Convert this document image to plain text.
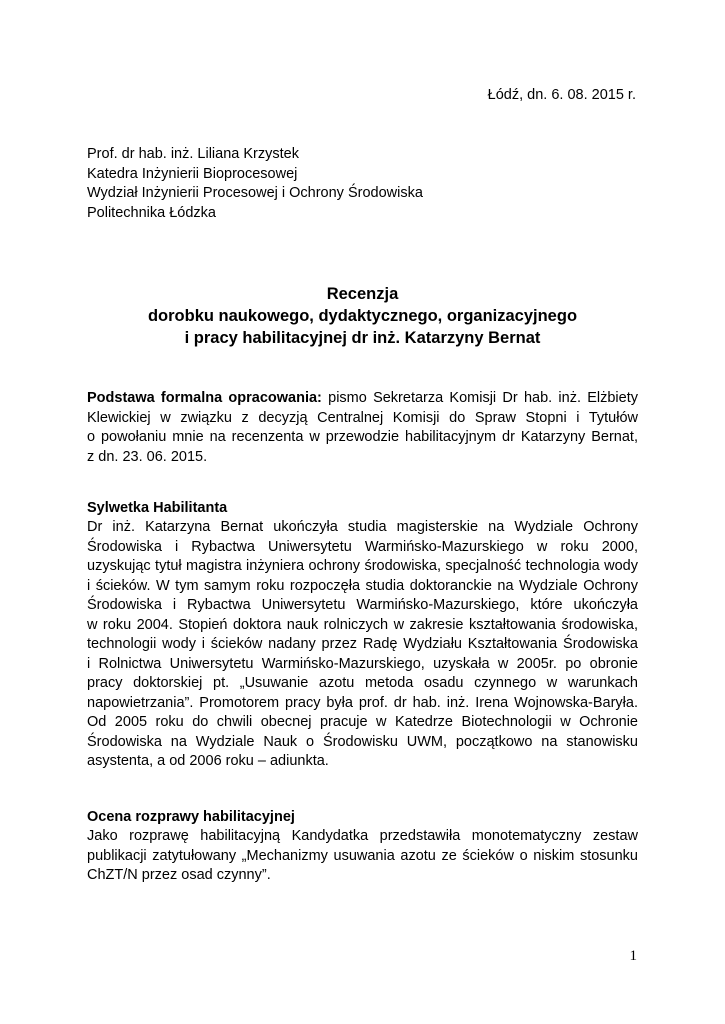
Łódź, dn. 6. 08. 2015 r.
Prof. dr hab. inż. Liliana Krzystek
Katedra Inżynierii Bioprocesowej
Wydział Inżynierii Procesowej i Ochrony Środowiska
Politechnika Łódzka
Recenzja
dorobku naukowego, dydaktycznego, organizacyjnego
i pracy habilitacyjnej dr inż. Katarzyny Bernat
Podstawa formalna opracowania: pismo Sekretarza Komisji Dr hab. inż. Elżbiety
Klewickiej w związku z decyzją Centralnej Komisji do Spraw Stopni i Tytułów
o powołaniu mnie na recenzenta w przewodzie habilitacyjnym dr Katarzyny Bernat,
z dn. 23. 06. 2015.
Sylwetka Habilitanta
Dr inż. Katarzyna Bernat ukończyła studia magisterskie na Wydziale Ochrony
Środowiska i Rybactwa Uniwersytetu Warmińsko-Mazurskiego w roku 2000,
uzyskując tytuł magistra inżyniera ochrony środowiska, specjalność technologia wody
i ścieków. W tym samym roku rozpoczęła studia doktoranckie na Wydziale Ochrony
Środowiska i Rybactwa Uniwersytetu Warmińsko-Mazurskiego, które ukończyła
w roku 2004. Stopień doktora nauk rolniczych w zakresie kształtowania środowiska,
technologii wody i ścieków nadany przez Radę Wydziału Kształtowania Środowiska
i Rolnictwa Uniwersytetu Warmińsko-Mazurskiego, uzyskała w 2005r. po obronie
pracy doktorskiej pt. „Usuwanie azotu metoda osadu czynnego w warunkach
napowietrzania”. Promotorem pracy była prof. dr hab. inż. Irena Wojnowska-Baryła.
Od 2005 roku do chwili obecnej pracuje w Katedrze Biotechnologii w Ochronie
Środowiska na Wydziale Nauk o Środowisku UWM, początkowo na stanowisku
asystenta, a od 2006 roku – adiunkta.
Ocena rozprawy habilitacyjnej
Jako rozprawę habilitacyjną Kandydatka przedstawiła monotematyczny zestaw
publikacji zatytułowany „Mechanizmy usuwania azotu ze ścieków o niskim stosunku
ChZT/N przez osad czynny”.
1
